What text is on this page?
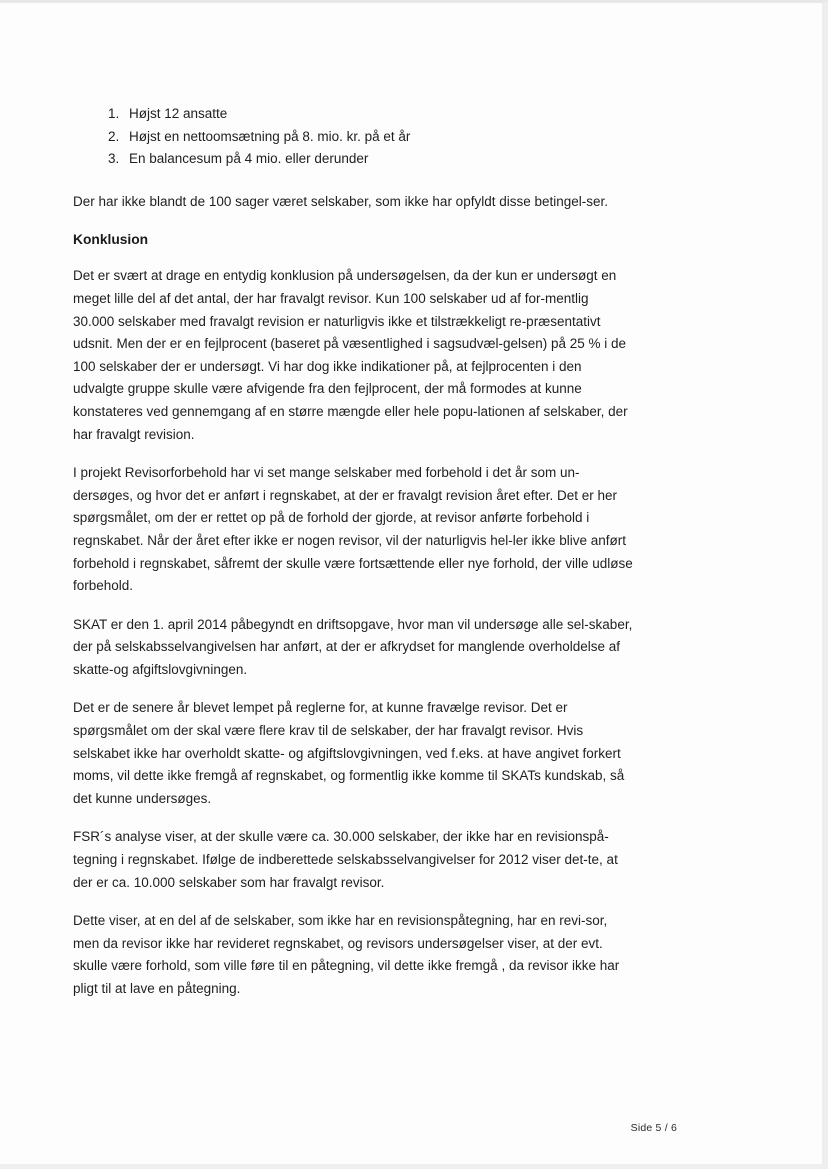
1. Højst 12 ansatte
2. Højst en nettoomsætning på 8. mio. kr. på et år
3. En balancesum på 4 mio. eller derunder

Der har ikke blandt de 100 sager været selskaber, som ikke har opfyldt disse betingel-ser.

Konklusion

Det er svært at drage en entydig konklusion på undersøgelsen, da der kun er undersøgt en meget lille del af det antal, der har fravalgt revisor. Kun 100 selskaber ud af for-mentlig 30.000 selskaber med fravalgt revision er naturligvis ikke et tilstrækkeligt re-præsentativt udsnit. Men der er en fejlprocent (baseret på væsentlighed i sagsudvæl-gelsen) på 25 % i de 100 selskaber der er undersøgt. Vi har dog ikke indikationer på, at fejlprocenten i den udvalgte gruppe skulle være afvigende fra den fejlprocent, der må formodes at kunne konstateres ved gennemgang af en større mængde eller hele popu-lationen af selskaber, der har fravalgt revision.

I projekt Revisorforbehold har vi set mange selskaber med forbehold i det år som un-dersøges, og hvor det er anført i regnskabet, at der er fravalgt revision året efter. Det er her spørgsmålet, om der er rettet op på de forhold der gjorde, at revisor anførte forbehold i regnskabet. Når der året efter ikke er nogen revisor, vil der naturligvis hel-ler ikke blive anført forbehold i regnskabet, såfremt der skulle være fortsættende eller nye forhold, der ville udløse forbehold.

SKAT er den 1. april 2014 påbegyndt en driftsopgave, hvor man vil undersøge alle sel-skaber, der på selskabsselvangivelsen har anført, at der er afkrydset for manglende overholdelse af skatte-og afgiftslovgivningen.

Det er de senere år blevet lempet på reglerne for, at kunne fravælge revisor. Det er spørgsmålet om der skal være flere krav til de selskaber, der har fravalgt revisor. Hvis selskabet ikke har overholdt skatte- og afgiftslovgivningen, ved f.eks. at have angivet forkert moms, vil dette ikke fremgå af regnskabet, og formentlig ikke komme til SKATs kundskab, så det kunne undersøges.

FSR´s analyse viser, at der skulle være ca. 30.000 selskaber, der ikke har en revisionspå-tegning i regnskabet. Ifølge de indberettede selskabsselvangivelser for 2012 viser det-te, at der er ca. 10.000 selskaber som har fravalgt revisor.

Dette viser, at en del af de selskaber, som ikke har en revisionspåtegning, har en revi-sor, men da revisor ikke har revideret regnskabet, og revisors undersøgelser viser, at der evt. skulle være forhold, som ville føre til en påtegning, vil dette ikke fremgå , da revisor ikke har pligt til at lave en påtegning.

Side 5 / 6
